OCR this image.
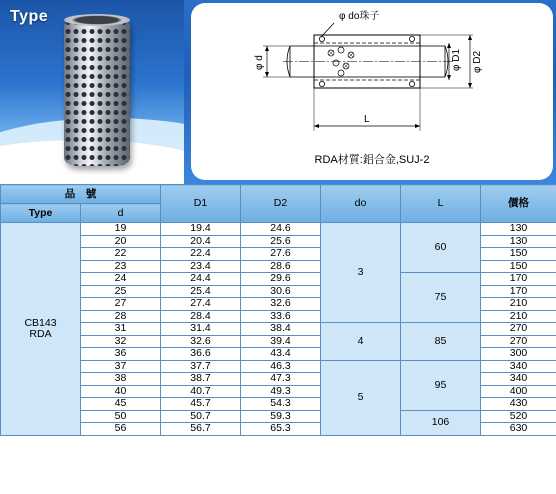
Type	φ do珠子
φ d	φ D1 φ D2
L
RDA材質:鋁合金,SUJ-2
品　號		D1	D2	do	L	價格
Type	d					

CB143
RDA	19	19.4	24.6	3	60	130
	20	20.4	25.6			130
	22	22.4	27.6			150
	23	23.4	28.6			150
	24	24.4	29.6		75	170
	25	25.4	30.6			170
	27	27.4	32.6			210
	28	28.4	33.6			210
	31	31.4	38.4	4	85	270
	32	32.6	39.4			270
	36	36.6	43.4			300
	37	37.7	46.3	5	95	340
	38	38.7	47.3			340
	40	40.7	49.3			400
	45	45.7	54.3			430
	50	50.7	59.3		106	520
	56	56.7	65.3			630
